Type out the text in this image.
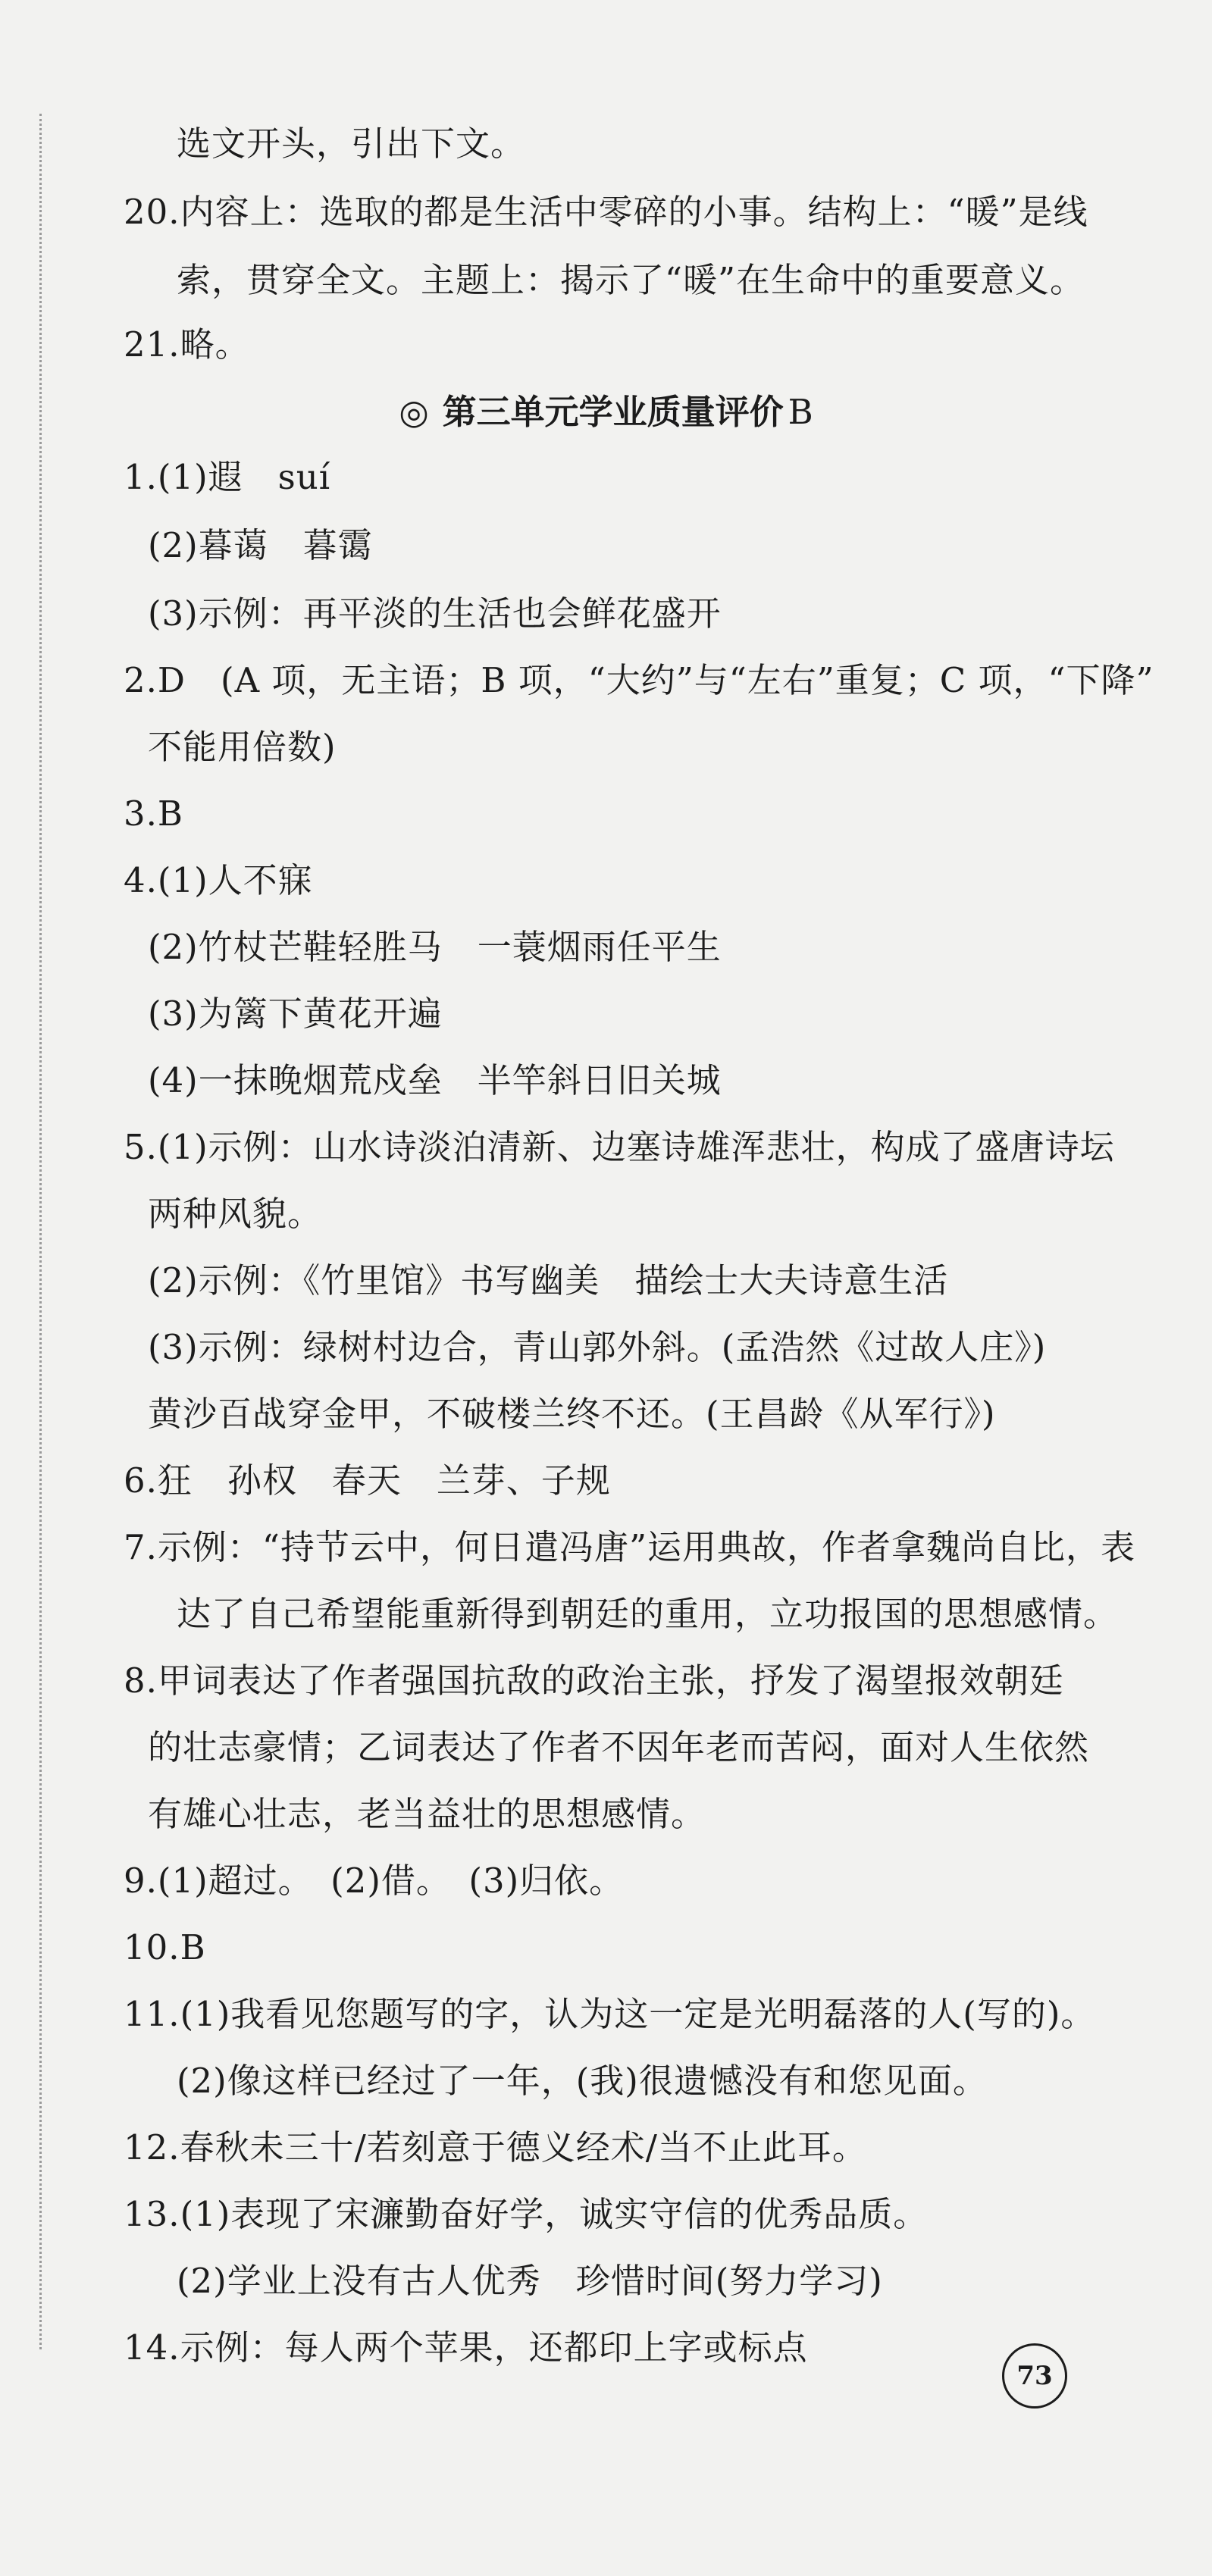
选文开头，引出下文。
20.内容上：选取的都是生活中零碎的小事。结构上：“暖”是线
索，贯穿全文。主题上：揭示了“暖”在生命中的重要意义。
21.略。
◎ 第三单元学业质量评价 B
1.(1)遐　suí
(2)暮蔼　暮霭
(3)示例：再平淡的生活也会鲜花盛开
2.D　(A 项，无主语；B 项，“大约”与“左右”重复；C 项，“下降”
不能用倍数)
3.B
4.(1)人不寐
(2)竹杖芒鞋轻胜马　一蓑烟雨任平生
(3)为篱下黄花开遍
(4)一抹晚烟荒戍垒　半竿斜日旧关城
5.(1)示例：山水诗淡泊清新、边塞诗雄浑悲壮，构成了盛唐诗坛
两种风貌。
(2)示例：《竹里馆》书写幽美　描绘士大夫诗意生活
(3)示例：绿树村边合，青山郭外斜。(孟浩然《过故人庄》)
黄沙百战穿金甲，不破楼兰终不还。(王昌龄《从军行》)
6.狂　孙权　春天　兰芽、子规
7.示例：“持节云中，何日遣冯唐”运用典故，作者拿魏尚自比，表
达了自己希望能重新得到朝廷的重用，立功报国的思想感情。
8.甲词表达了作者强国抗敌的政治主张，抒发了渴望报效朝廷
的壮志豪情；乙词表达了作者不因年老而苦闷，面对人生依然
有雄心壮志，老当益壮的思想感情。
9.(1)超过。　(2)借。　(3)归依。
10.B
11.(1)我看见您题写的字，认为这一定是光明磊落的人(写的)。
(2)像这样已经过了一年，(我)很遗憾没有和您见面。
12.春秋未三十/若刻意于德义经术/当不止此耳。
13.(1)表现了宋濂勤奋好学，诚实守信的优秀品质。
(2)学业上没有古人优秀　珍惜时间(努力学习)
14.示例：每人两个苹果，还都印上字或标点
73
